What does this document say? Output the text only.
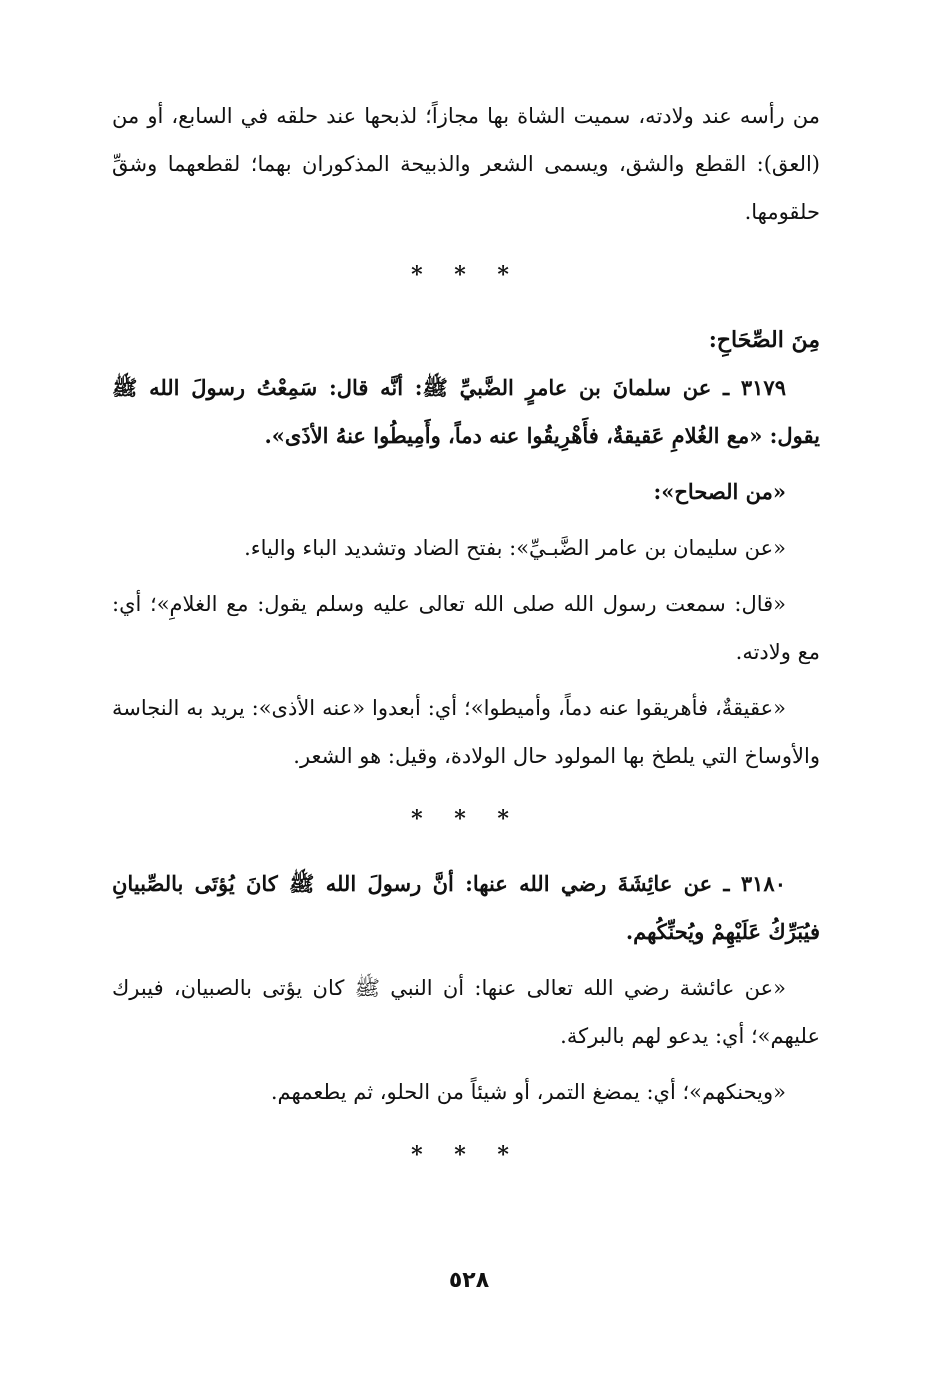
من رأسه عند ولادته، سميت الشاة بها مجازاً؛ لذبحها عند حلقه في السابع، أو من (العق): القطع والشق، ويسمى الشعر والذبيحة المذكوران بهما؛ لقطعهما وشقِّ حلقومها.

* * *

مِنَ الصِّحَاحِ:

٣١٧٩ ـ عن سلمانَ بن عامرٍ الضَّبيِّ ﷺ: أنَّه قال: سَمِعْتُ رسولَ الله ﷺ يقول: «مع الغُلامِ عَقيقةٌ، فأَهْرِيقُوا عنه دماً، وأَمِيطُوا عنهُ الأذَى».

«من الصحاح»:

«عن سليمان بن عامر الضَّبـيِّ»: بفتح الضاد وتشديد الباء والياء.

«قال: سمعت رسول الله صلى الله تعالى عليه وسلم يقول: مع الغلامِ»؛ أي: مع ولادته.

«عقيقةٌ، فأهريقوا عنه دماً، وأميطوا»؛ أي: أبعدوا «عنه الأذى»: يريد به النجاسة والأوساخ التي يلطخ بها المولود حال الولادة، وقيل: هو الشعر.

* * *

٣١٨٠ ـ عن عائِشَةَ رضي الله عنها: أنَّ رسولَ الله ﷺ كانَ يُؤتَى بالصِّبيانِ فيُبَرِّكُ عَلَيْهِمْ ويُحنِّكُهم.

«عن عائشة رضي الله تعالى عنها: أن النبي ﷺ كان يؤتى بالصبيان، فيبرك عليهم»؛ أي: يدعو لهم بالبركة.

«ويحنكهم»؛ أي: يمضغ التمر، أو شيئاً من الحلو، ثم يطعمهم.

* * *
٥٢٨
